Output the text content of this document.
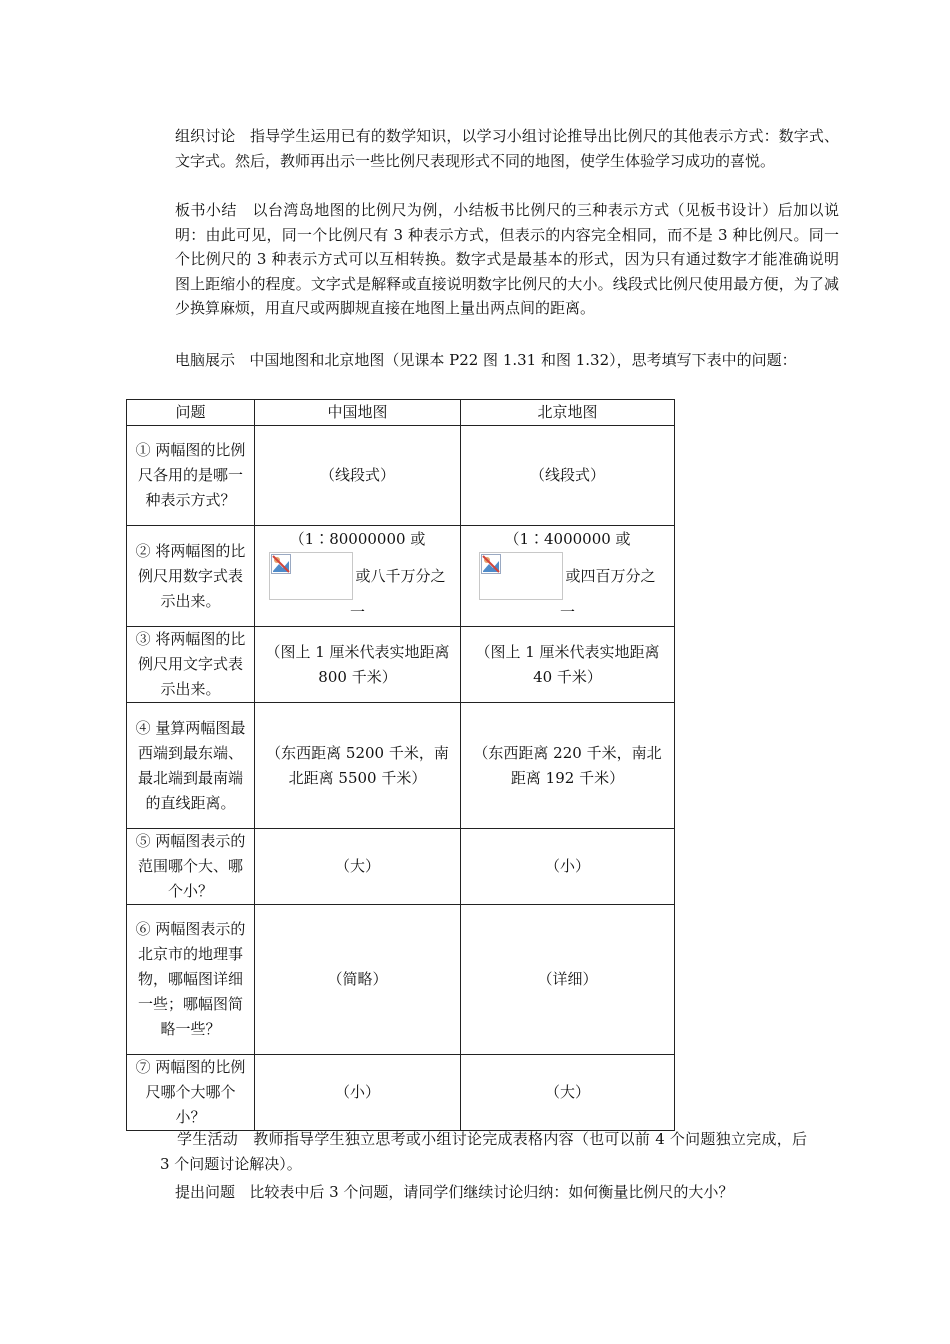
组织讨论 指导学生运用已有的数学知识，以学习小组讨论推导出比例尺的其他表示方式：数字式、文字式。然后，教师再出示一些比例尺表现形式不同的地图，使学生体验学习成功的喜悦。

板书小结 以台湾岛地图的比例尺为例，小结板书比例尺的三种表示方式（见板书设计）后加以说明：由此可见，同一个比例尺有 3 种表示方式，但表示的内容完全相同，而不是 3 种比例尺。同一个比例尺的 3 种表示方式可以互相转换。数字式是最基本的形式，因为只有通过数字才能准确说明图上距缩小的程度。文字式是解释或直接说明数字比例尺的大小。线段式比例尺使用最方便，为了减少换算麻烦，用直尺或两脚规直接在地图上量出两点间的距离。

电脑展示 中国地图和北京地图（见课本 P22 图 1.31 和图 1.32），思考填写下表中的问题：

问题	中国地图	北京地图

① 两幅图的比例尺各用的是哪一种表示方式？	（线段式）	（线段式）

② 将两幅图的比例尺用数字式表示出来。	（1∶80000000 或
或八千万分之
一	（1∶4000000 或
或四百万分之
一

③ 将两幅图的比例尺用文字式表示出来。	（图上 1 厘米代表实地距离 800 千米）	（图上 1 厘米代表实地距离 40 千米）

④ 量算两幅图最西端到最东端、最北端到最南端的直线距离。	（东西距离 5200 千米，南北距离 5500 千米）	（东西距离 220 千米，南北距离 192 千米）

⑤ 两幅图表示的范围哪个大、哪个小？	（大）	（小）

⑥ 两幅图表示的北京市的地理事物，哪幅图详细一些；哪幅图简略一些？	（简略）	（详细）

⑦ 两幅图的比例尺哪个大哪个小？	（小）	（大）

学生活动 教师指导学生独立思考或小组讨论完成表格内容（也可以前 4 个问题独立完成，后 3 个问题讨论解决）。

提出问题 比较表中后 3 个问题，请同学们继续讨论归纳：如何衡量比例尺的大小？
